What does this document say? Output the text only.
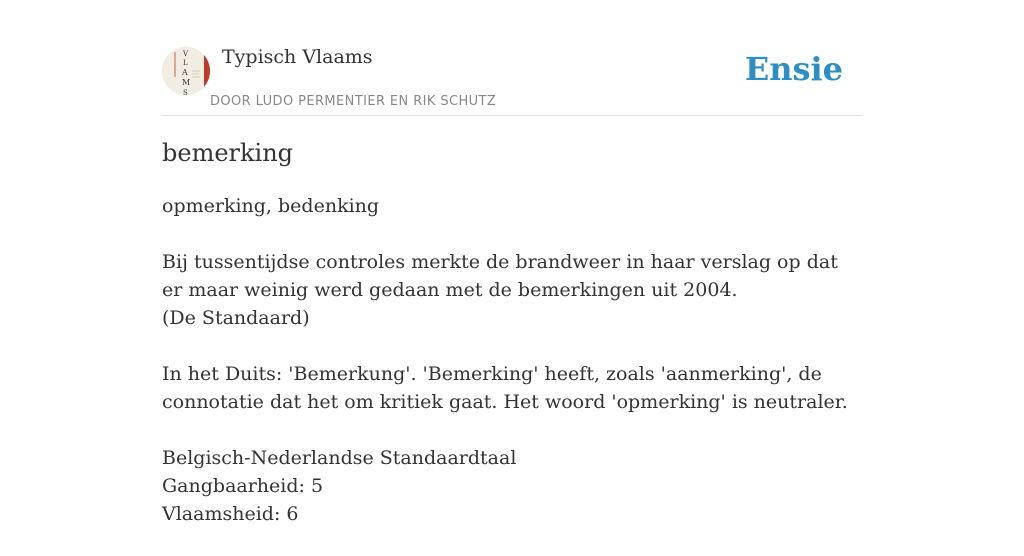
V
L
A
M
S
Typisch Vlaams
DOOR LUDO PERMENTIER EN RIK SCHUTZ
Ensie
bemerking

opmerking, bedenking

Bij tussentijdse controles merkte de brandweer in haar verslag op dat er maar weinig werd gedaan met de bemerkingen uit 2004.
(De Standaard)

In het Duits: 'Bemerkung'. 'Bemerking' heeft, zoals 'aanmerking', de connotatie dat het om kritiek gaat. Het woord 'opmerking' is neutraler.

Belgisch-Nederlandse Standaardtaal
Gangbaarheid: 5
Vlaamsheid: 6
